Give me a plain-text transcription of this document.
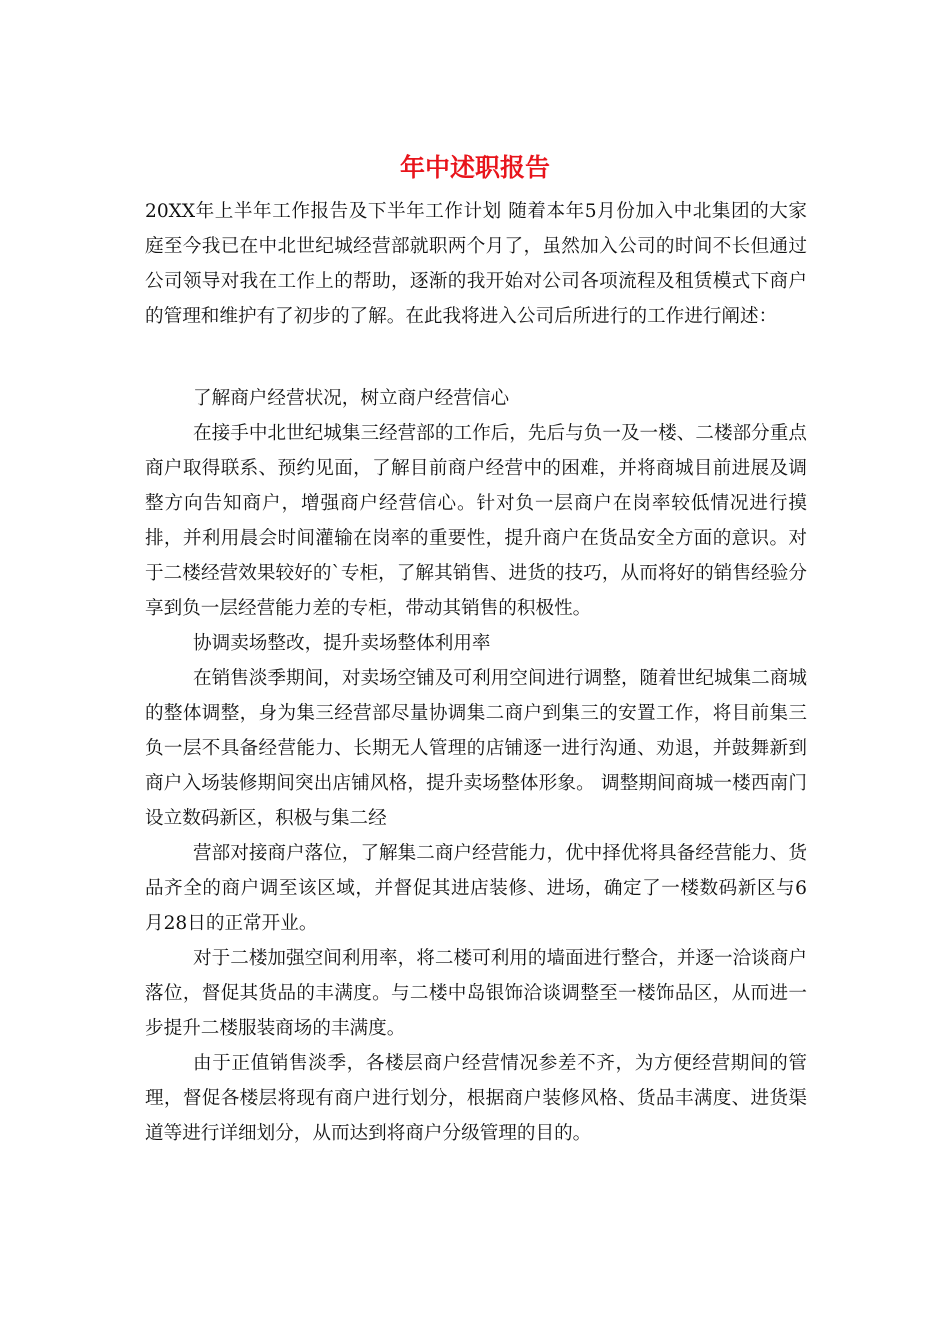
年中述职报告

20XX年上半年工作报告及下半年工作计划 随着本年5月份加入中北集团的大家庭至今我已在中北世纪城经营部就职两个月了，虽然加入公司的时间不长但通过公司领导对我在工作上的帮助，逐渐的我开始对公司各项流程及租赁模式下商户的管理和维护有了初步的了解。在此我将进入公司后所进行的工作进行阐述：

了解商户经营状况，树立商户经营信心

在接手中北世纪城集三经营部的工作后，先后与负一及一楼、二楼部分重点商户取得联系、预约见面，了解目前商户经营中的困难，并将商城目前进展及调整方向告知商户，增强商户经营信心。针对负一层商户在岗率较低情况进行摸排，并利用晨会时间灌输在岗率的重要性，提升商户在货品安全方面的意识。对于二楼经营效果较好的`专柜，了解其销售、进货的技巧，从而将好的销售经验分享到负一层经营能力差的专柜，带动其销售的积极性。

协调卖场整改，提升卖场整体利用率

在销售淡季期间，对卖场空铺及可利用空间进行调整，随着世纪城集二商城的整体调整，身为集三经营部尽量协调集二商户到集三的安置工作，将目前集三负一层不具备经营能力、长期无人管理的店铺逐一进行沟通、劝退，并鼓舞新到商户入场装修期间突出店铺风格，提升卖场整体形象。 调整期间商城一楼西南门设立数码新区，积极与集二经

营部对接商户落位，了解集二商户经营能力，优中择优将具备经营能力、货品齐全的商户调至该区域，并督促其进店装修、进场，确定了一楼数码新区与6月28日的正常开业。

对于二楼加强空间利用率，将二楼可利用的墙面进行整合，并逐一洽谈商户落位，督促其货品的丰满度。与二楼中岛银饰洽谈调整至一楼饰品区，从而进一步提升二楼服装商场的丰满度。

由于正值销售淡季，各楼层商户经营情况参差不齐，为方便经营期间的管理，督促各楼层将现有商户进行划分，根据商户装修风格、货品丰满度、进货渠道等进行详细划分，从而达到将商户分级管理的目的。
